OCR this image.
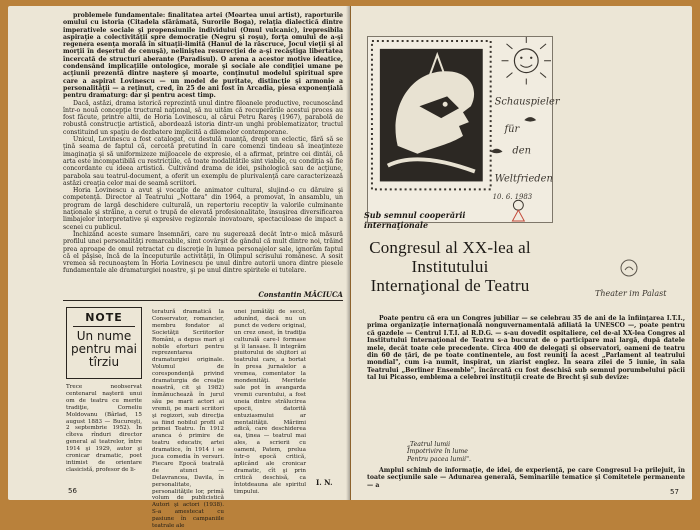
problemele fundamentale: finalitatea artei (Moartea unui artist), raporturile omului cu istoria (Citadela sfărâmată, Surorile Boga), relaţia dialectică dintre imperativele sociale şi propensiunile individului (Omul vulcanic), irepresibila aspiraţie a colectivităţii spre democraţie (Negru şi roşu), forţa omului de a-şi regenera esenţa morală în situaţii-limită (Hanul de la răscruce, Jocul vieţii şi al morţii în deşertul de cenuşă), neliniştea resurecţiei de a-şi recâştiga libertatea încercată de structuri aberante (Paradisul). O arena a acestor motive ideatice, condensând implicaţiile ontologice, morale şi sociale ale condiţiei umane pe acţiunii prezentă dintre naştere şi moarte, conţinutul modelul spiritual spre care a aspirat Lovinescu — un model de puritate, distincţie şi armonie a personalităţii — a reţinut, cred, în 25 de ani fost în Arcadia, piesa exponenţială pentru dramaturg: dar şi pentru acest timp.

Dacă, astăzi, drama istorică reprezintă unul dintre filoanele productive, recunoscând într-o nouă concepţie tructural naţional, să nu uităm că recuperările acestui proces au fost făcute, printre altii, de Horia Lovinescu, al cărui Petru Rareş (1967), parabolă de robustă construcţie artistică, abordează istoria dintr-un unghi problematizator, tructul constituind un spaţiu de dezbatere implicită a dilemelor contemporane.

Unicul, Lovinescu a fost catalogat, cu destulă nuanţă, drept un eclectic, fără să se ţină seama de faptul că, cercetă pretutind în care comenzi tindeau să ineaţinteze imaginaţia şi să uniformizeze mijloacele de expresie, el a afirmat, printre cei dintâi, că arta este incompatibilă cu restricţiile, că toate modalitătile sint viabile, cu condiţia să fie concordante cu ideea artistică. Cultivând drama de idei, psihologică sau de acţiune, parabola sau teatrul-document, a oferit un exemplu de plurivalenţă care caracterizează astăzi creaţia celor mai de seamă scriitori.

Horia Lovinescu a avut şi vocaţie de animator cultural, slujind-o cu dăruire şi competenţă. Director al Teatrului „Nottara" din 1964, a promovat, în ansamblu, un program de largă deschidere culturală, un repertoriu receptiv la valorile culminante naţionale şi străine, a cerut o trupă de elevată profesionalitate, însuşirea diversificarea limbajelor interpretative şi expresive regizorale inovatoare, spectaculoase de impact a scenei cu publicul.

Închizând aceste sumare însemnări, care nu sugerează decât într-o mică măsură profilul unei personalităţi remarcabile, simt covârşit de gândul că mult dintre noi, trăind prea aproape de omul retractat cu discreţie în lumea personajelor sale, ignorăm faptul că el păşise, încă de la începuturile activităţii, în Olimpul scrisului românesc. A sosit vremea să recunoaştem în Horia Lovinescu pe unul dintre autorii unora dintre piesele fundamentale ale dramaturgiei noastre, şi pe unul dintre spiritele ei tutelare.

Constantin MĂCIUCA
NOTE
Un nume pentru mai tîrziu
Trece neobservat centenarul naşterii unui om de teatru cu merite tradiţie, Corneliu Moldovanu (Bârlad, 15 august 1883 — Bucureşti, 2 septembrie 1952). În cîteva rînduri director general al teatrelor, între 1914 şi 1929, autor şi cronicar dramatic, poet intimist de orientare clasicistă, profesor de li-
teratură dramatică la Conservator, romancier, membru fondator al Societăţii Scriitorilor Români, a depus mari şi nobile eforturi pentru reprezentarea dramaturgiei originale. Volumul de corespondenţă privind dramaturgia de creaţie noastră, cit şi 1982) înmănuchează în jurul său pe marii actori ai vremii, pe marii scriitori şi regizori, sub direcţia sa fiind nobilul profil al primei Teatru. În 1912 aranca ó primire de teatru educativ, artei dramatice, în 1914 i se juca comedia în versuri. Fiecare Epocă teatrală de atunci — Delavrancea, Davila, în personalitate, personalităţile lor, primă volum de publicistică Autori şi actori (1938). S-a amestecat cu pasiune în campaniile teatrale ale
unei jumătăţi de secol, adunînd, dacă nu un punct de vedere original, un crez onest, în tradiţia culturală care-l formase şi îl lansase. Îl integrăm piuitorului de slujitori ai teatrului care, a bortat în presa jurnalelor a vremea, comentator la mondenităţi. Meritele sale pot în avangarda vremii curentului, a fost uneia dintre strălucirea epocii, datorită entuziasmului ar mentalităţii. Măriimi adică, care deschiderea ea, ţinea — teatrul mai ales, a scrierii cu oameni, Patem, prelua într-o epocă critică, aplicând ale cronicar dramatic, cît şi prin critică deschisă, ca întotdeauna ale spiritul timpului.
I. N.
56
Schauspieler
für
den
Weltfrieden
10. 6. 1983
Sub semnul cooperării
internaţionale
Theater im Palast
Congresul al XX-lea al Institutului Internaţional de Teatru

Poate pentru că era un Congres jubiliar — se celebrau 35 de ani de la înfiinţarea I.T.I., prima organizaţie internaţională nonguvernamentală afiliată la UNESCO —, poate pentru că gazdele — Centrul I.T.I. al R.D.G. — s-au dovedit ospitaliere, cel de-al XX-lea Congres al Institutului Internaţional de Teatru s-a bucurat de o participare mai largă, după datele mele, decât toate cele precedente. Circa 400 de delegaţi şi observatori, oameni de teatru din 60 de ţări, de pe toate continentele, au fost reuniţi la acest „Parlament al teatrului mondial", cum i-a numit, inspirat, un ziarist englez. În seara zilei de 5 iunie, în sala Teatrului „Berliner Ensemble", încărcată cu fost deschisă sub semnul porumbelului păcii tal lui Picasso, emblema a celebrei instituţii create de Brecht şi sub devize:

„Teatrul lumii
Împotrivire în lume
Pentru pacea lumii".
Amplul schimb de informaţie, de idei, de experienţă, pe care Congresul l-a prilejuit, în toate secţiunile sale — Adunarea generală, Seminariile tematice şi Comitetele permanente — a
57
